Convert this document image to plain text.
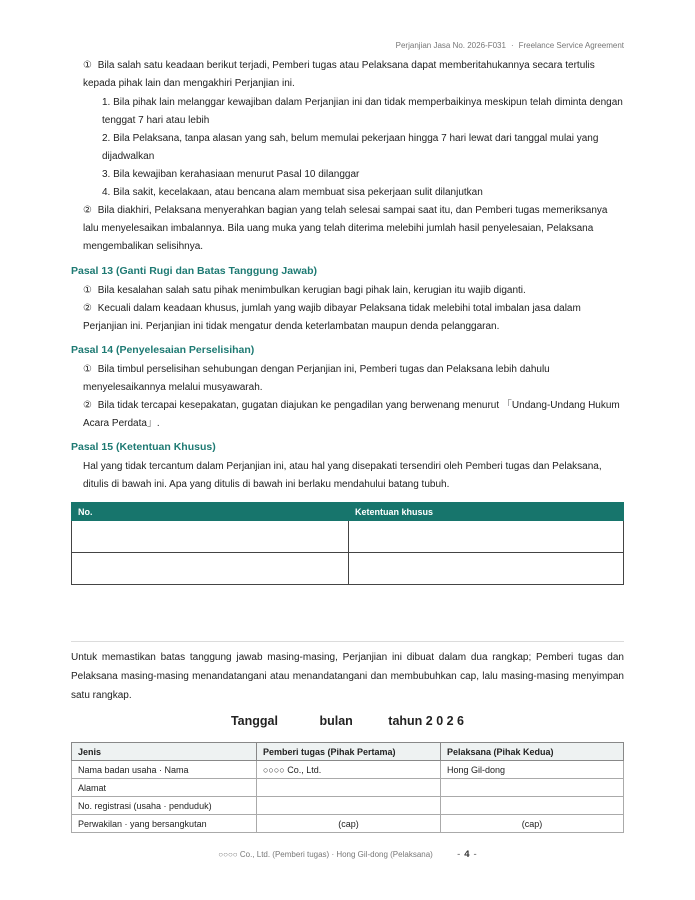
Perjanjian Jasa No. 2026-F031 · Freelance Service Agreement
① Bila salah satu keadaan berikut terjadi, Pemberi tugas atau Pelaksana dapat memberitahukannya secara tertulis kepada pihak lain dan mengakhiri Perjanjian ini.
1. Bila pihak lain melanggar kewajiban dalam Perjanjian ini dan tidak memperbaikinya meskipun telah diminta dengan tenggat 7 hari atau lebih
2. Bila Pelaksana, tanpa alasan yang sah, belum memulai pekerjaan hingga 7 hari lewat dari tanggal mulai yang dijadwalkan
3. Bila kewajiban kerahasiaan menurut Pasal 10 dilanggar
4. Bila sakit, kecelakaan, atau bencana alam membuat sisa pekerjaan sulit dilanjutkan
② Bila diakhiri, Pelaksana menyerahkan bagian yang telah selesai sampai saat itu, dan Pemberi tugas memeriksanya lalu menyelesaikan imbalannya. Bila uang muka yang telah diterima melebihi jumlah hasil penyelesaian, Pelaksana mengembalikan selisihnya.
Pasal 13 (Ganti Rugi dan Batas Tanggung Jawab)
① Bila kesalahan salah satu pihak menimbulkan kerugian bagi pihak lain, kerugian itu wajib diganti.
② Kecuali dalam keadaan khusus, jumlah yang wajib dibayar Pelaksana tidak melebihi total imbalan jasa dalam Perjanjian ini. Perjanjian ini tidak mengatur denda keterlambatan maupun denda pelanggaran.
Pasal 14 (Penyelesaian Perselisihan)
① Bila timbul perselisihan sehubungan dengan Perjanjian ini, Pemberi tugas dan Pelaksana lebih dahulu menyelesaikannya melalui musyawarah.
② Bila tidak tercapai kesepakatan, gugatan diajukan ke pengadilan yang berwenang menurut 「Undang-Undang Hukum Acara Perdata」.
Pasal 15 (Ketentuan Khusus)
Hal yang tidak tercantum dalam Perjanjian ini, atau hal yang disepakati tersendiri oleh Pemberi tugas dan Pelaksana, ditulis di bawah ini. Apa yang ditulis di bawah ini berlaku mendahului batang tubuh.
No.	Ketentuan khusus

Untuk memastikan batas tanggung jawab masing-masing, Perjanjian ini dibuat dalam dua rangkap; Pemberi tugas dan Pelaksana masing-masing menandatangani atau menandatangani dan membubuhkan cap, lalu masing-masing menyimpan satu rangkap.
Tanggal	bulan	tahun 2 0 2 6
Jenis	Pemberi tugas (Pihak Pertama)	Pelaksana (Pihak Kedua)
Nama badan usaha · Nama	○○○○ Co., Ltd.	Hong Gil-dong
Alamat		
No. registrasi (usaha · penduduk)		
Perwakilan · yang bersangkutan	(cap)	(cap)
○○○○ Co., Ltd. (Pemberi tugas) · Hong Gil-dong (Pelaksana)	- 4 -
